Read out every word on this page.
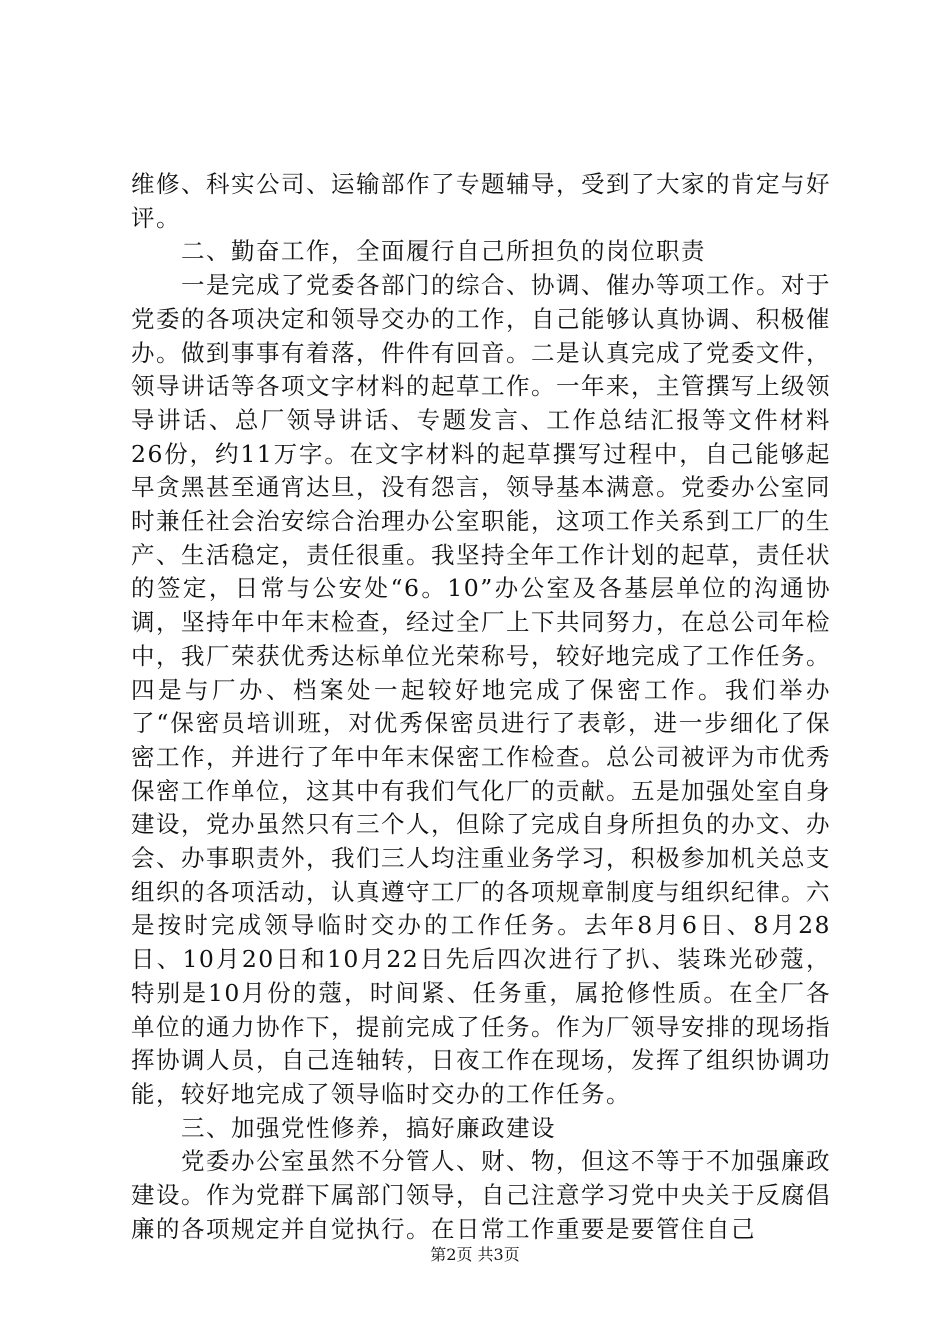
维修、科实公司、运输部作了专题辅导，受到了大家的肯定与好评。

二、勤奋工作，全面履行自己所担负的岗位职责

一是完成了党委各部门的综合、协调、催办等项工作。对于党委的各项决定和领导交办的工作，自己能够认真协调、积极催办。做到事事有着落，件件有回音。二是认真完成了党委文件，领导讲话等各项文字材料的起草工作。一年来，主管撰写上级领导讲话、总厂领导讲话、专题发言、工作总结汇报等文件材料26份，约11万字。在文字材料的起草撰写过程中，自己能够起早贪黑甚至通宵达旦，没有怨言，领导基本满意。党委办公室同时兼任社会治安综合治理办公室职能，这项工作关系到工厂的生产、生活稳定，责任很重。我坚持全年工作计划的起草，责任状的签定，日常与公安处“6。10”办公室及各基层单位的沟通协调，坚持年中年末检查，经过全厂上下共同努力，在总公司年检中，我厂荣获优秀达标单位光荣称号，较好地完成了工作任务。四是与厂办、档案处一起较好地完成了保密工作。我们举办了“保密员培训班，对优秀保密员进行了表彰，进一步细化了保密工作，并进行了年中年末保密工作检查。总公司被评为市优秀保密工作单位，这其中有我们气化厂的贡献。五是加强处室自身建设，党办虽然只有三个人，但除了完成自身所担负的办文、办会、办事职责外，我们三人均注重业务学习，积极参加机关总支组织的各项活动，认真遵守工厂的各项规章制度与组织纪律。六是按时完成领导临时交办的工作任务。去年8月6日、8月28日、10月20日和10月22日先后四次进行了扒、装珠光砂蔻，特别是10月份的蔻，时间紧、任务重，属抢修性质。在全厂各单位的通力协作下，提前完成了任务。作为厂领导安排的现场指挥协调人员，自己连轴转，日夜工作在现场，发挥了组织协调功能，较好地完成了领导临时交办的工作任务。

三、加强党性修养，搞好廉政建设

党委办公室虽然不分管人、财、物，但这不等于不加强廉政建设。作为党群下属部门领导，自己注意学习党中央关于反腐倡廉的各项规定并自觉执行。在日常工作重要是要管住自己

第2页 共3页
